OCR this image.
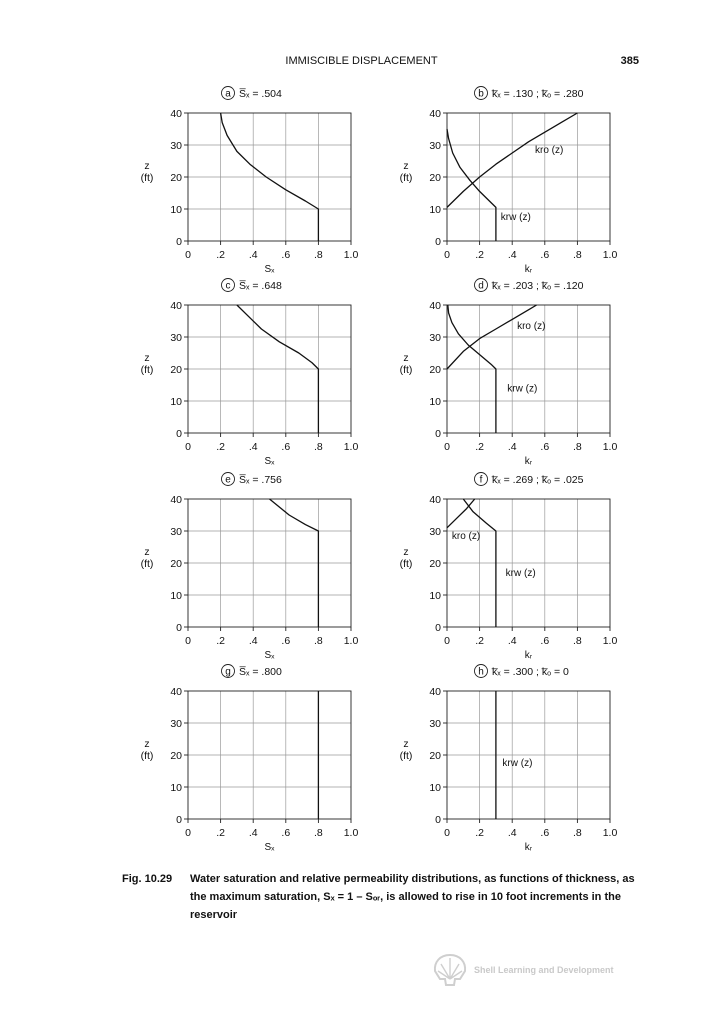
IMMISCIBLE DISPLACEMENT	385
0
10
20
30
40
0 .2 .4 .6 .8 1.0
Sₓ
z
(ft)
a S̅ₓ = .504
0
10
20
30
40
0 .2 .4 .6 .8 1.0
kᵣ
z
(ft)
b k̅ₓ = .130 ; k̅ₒ = .280
0
10
20
30
40
0 .2 .4 .6 .8 1.0
Sₓ
z
(ft)
c S̅ₓ = .648
0
10
20
30
40
0 .2 .4 .6 .8 1.0
kᵣ
z
(ft)
d k̅ₓ = .203 ; k̅ₒ = .120
0
10
20
30
40
0 .2 .4 .6 .8 1.0
Sₓ
z
(ft)
e S̅ₓ = .756
0
10
20
30
40
0 .2 .4 .6 .8 1.0
kᵣ
z
(ft)
f k̅ₓ = .269 ; k̅ₒ = .025
0
10
20
30
40
0 .2 .4 .6 .8 1.0
Sₓ
z
(ft)
g S̅ₓ = .800
0
10
20
30
40
0 .2 .4 .6 .8 1.0
kᵣ
z
(ft)
h k̅ₓ = .300 ; k̅ₒ = 0
kro (z)
krw (z)
kro (z)
krw (z)
kro (z)
krw (z)
krw (z)
Fig. 10.29 Water saturation and relative permeability distributions, as functions of thickness, as the maximum saturation, Sₓ = 1 – Sₒᵣ, is allowed to rise in 10 foot increments in the reservoir
Shell Learning and Development
